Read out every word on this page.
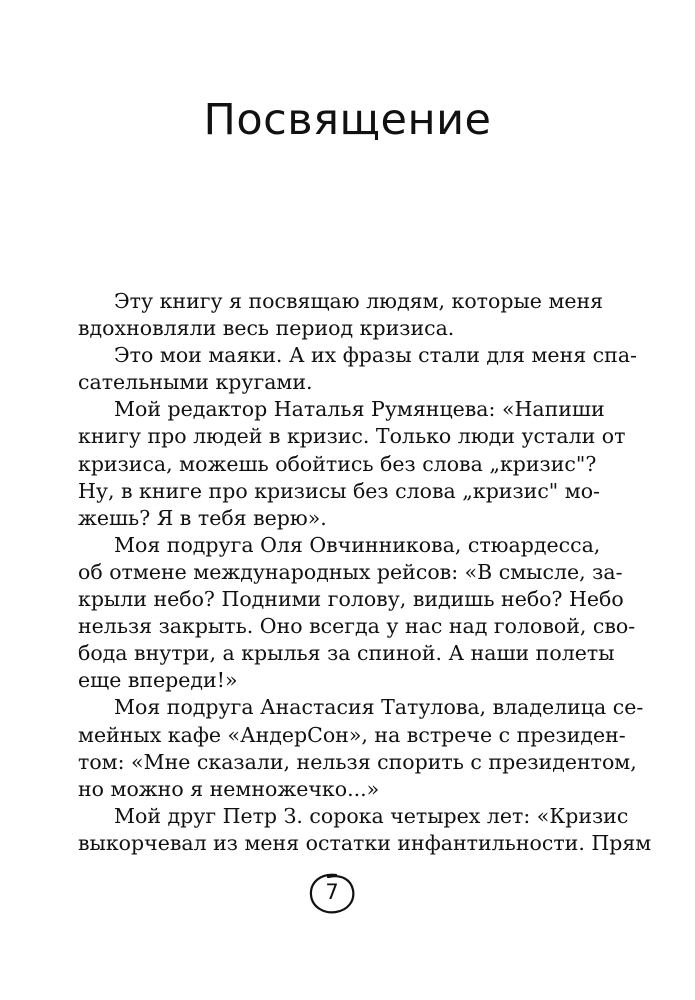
Посвящение
Эту книгу я посвящаю людям, которые меня
вдохновляли весь период кризиса.
Это мои маяки. А их фразы стали для меня спа-
сательными кругами.
Мой редактор Наталья Румянцева: «Напиши
книгу про людей в кризис. Только люди устали от
кризиса, можешь обойтись без слова „кризис"?
Ну, в книге про кризисы без слова „кризис" мо-
жешь? Я в тебя верю».
Моя подруга Оля Овчинникова, стюардесса,
об отмене международных рейсов: «В смысле, за-
крыли небо? Подними голову, видишь небо? Небо
нельзя закрыть. Оно всегда у нас над головой, сво-
бода внутри, а крылья за спиной. А наши полеты
еще впереди!»
Моя подруга Анастасия Татулова, владелица се-
мейных кафе «АндерСон», на встрече с президен-
том: «Мне сказали, нельзя спорить с президентом,
но можно я немножечко...»
Мой друг Петр З. сорока четырех лет: «Кризис
выкорчевал из меня остатки инфантильности. Прям
7
